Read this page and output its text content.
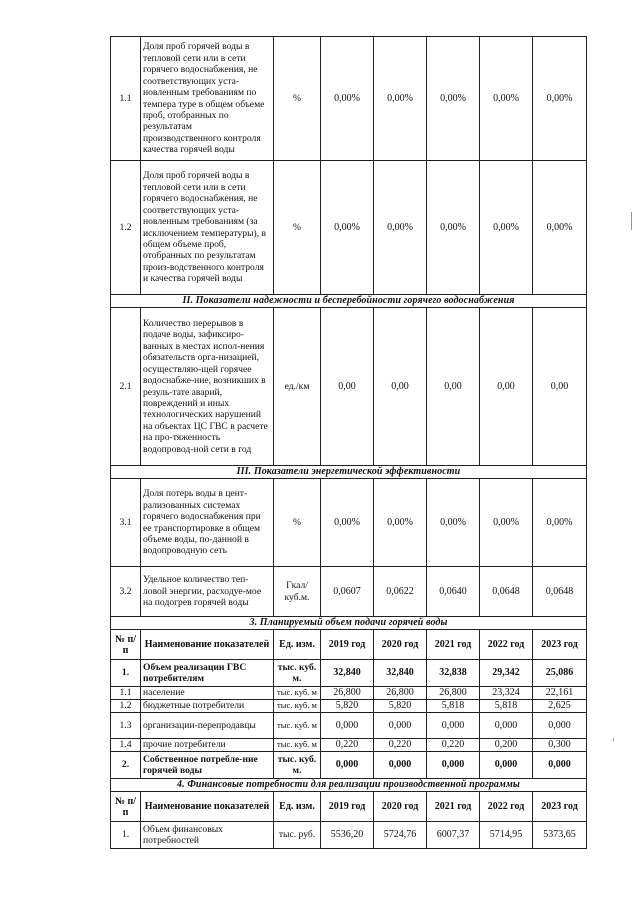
1.1	Доля проб горячей воды в тепловой сети или в сети горячего водоснабжения, не соответствующих уста-новленным требованиям по темпера туре в общем объеме проб, отобранных по результатам производственного контроля качества горячей воды	%	0,00%	0,00%	0,00%	0,00%	0,00%
1.2	Доля проб горячей воды в тепловой сети или в сети горячего водоснабжения, не соответствующих уста-новленным требованиям (за исключением температуры), в общем объеме проб, отобранных по результатам произ-водственного контроля и качества горячей воды	%	0,00%	0,00%	0,00%	0,00%	0,00%
II. Показатели надежности и бесперебойности горячего водоснабжения							
2.1	Количество перерывов в подаче воды, зафиксиро-ванных в местах испол-нения обязательств орга-низацией, осуществляю-щей горячее водоснабже-ние, возникших в резуль-тате аварий, повреждений и иных технологических нарушений на объектах ЦС ГВС в расчете на про-тяженность водопровод-ной сети в год	ед./км	0,00	0,00	0,00	0,00	0,00
III. Показатели энергетической эффективности							
3.1	Доля потерь воды в цент-рализованных системах горячего водоснабжения при ее транспортировке в общем объеме воды, по-данной в водопроводную сеть	%	0,00%	0,00%	0,00%	0,00%	0,00%
3.2	Удельное количество теп-ловой энергии, расходуе-мое на подогрев горячей воды	Гкал/ куб.м.	0,0607	0,0622	0,0640	0,0648	0,0648
3. Планируемый объем подачи горячей воды							
№ п/п	Наименование показателей	Ед. изм.	2019 год	2020 год	2021 год	2022 год	2023 год
1.	Объем реализации ГВС потребителям	тыс. куб. м.	32,840	32,840	32,838	29,342	25,086
1.1	население	тыс. куб. м	26,800	26,800	26,800	23,324	22,161
1.2	бюджетные потребители	тыс. куб. м	5,820	5,820	5,818	5,818	2,625
1.3	организации-перепродавцы	тыс. куб. м	0,000	0,000	0,000	0,000	0,000
1.4	прочие потребители	тыс. куб. м	0,220	0,220	0,220	0,200	0,300
2.	Собственное потребле-ние горячей воды	тыс. куб. м.	0,000	0,000	0,000	0,000	0,000
4. Финансовые потребности для реализации производственной программы							
№ п/п	Наименование показателей	Ед. изм.	2019 год	2020 год	2021 год	2022 год	2023 год
1.	Объем финансовых потребностей	тыс. руб.	5536,20	5724,76	6007,37	5714,95	5373,65
